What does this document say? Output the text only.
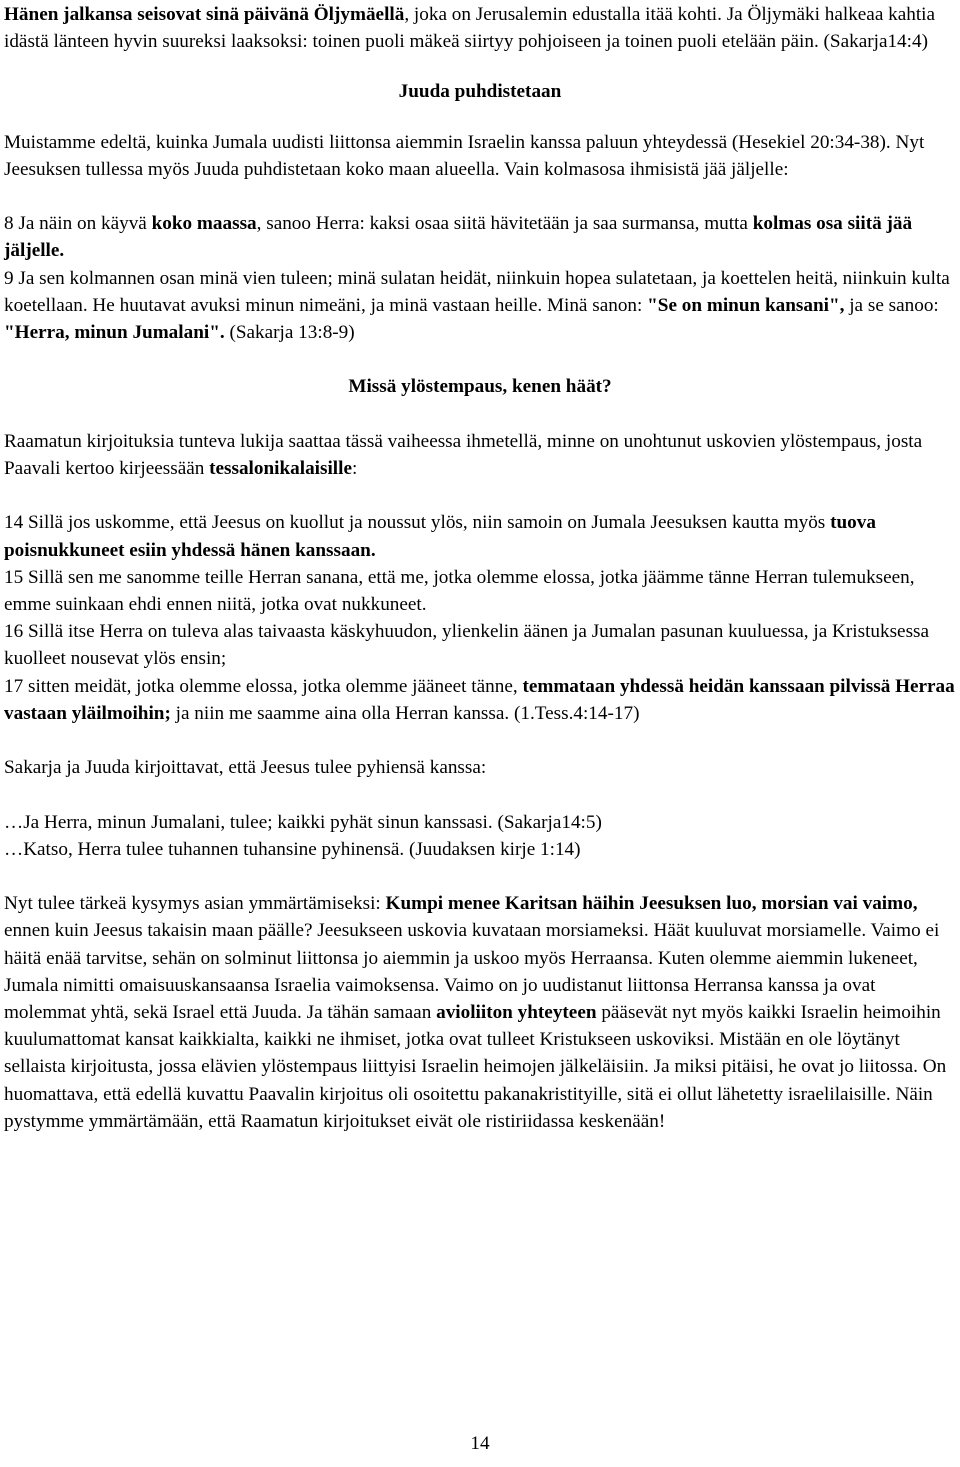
Hänen jalkansa seisovat sinä päivänä Öljymäellä, joka on Jerusalemin edustalla itää kohti. Ja Öljymäki halkeaa kahtia idästä länteen hyvin suureksi laaksoksi: toinen puoli mäkeä siirtyy pohjoiseen ja toinen puoli etelään päin. (Sakarja14:4)

Juuda puhdistetaan

Muistamme edeltä, kuinka Jumala uudisti liittonsa aiemmin Israelin kanssa paluun yhteydessä (Hesekiel 20:34-38). Nyt Jeesuksen tullessa myös Juuda puhdistetaan koko maan alueella. Vain kolmasosa ihmisistä jää jäljelle:

8 Ja näin on käyvä koko maassa, sanoo Herra: kaksi osaa siitä hävitetään ja saa surmansa, mutta kolmas osa siitä jää jäljelle.

9 Ja sen kolmannen osan minä vien tuleen; minä sulatan heidät, niinkuin hopea sulatetaan, ja koettelen heitä, niinkuin kulta koetellaan. He huutavat avuksi minun nimeäni, ja minä vastaan heille. Minä sanon: "Se on minun kansani", ja se sanoo: "Herra, minun Jumalani". (Sakarja 13:8-9)

Missä ylöstempaus, kenen häät?

Raamatun kirjoituksia tunteva lukija saattaa tässä vaiheessa ihmetellä, minne on unohtunut uskovien ylöstempaus, josta Paavali kertoo kirjeessään tessalonikalaisille:

14 Sillä jos uskomme, että Jeesus on kuollut ja noussut ylös, niin samoin on Jumala Jeesuksen kautta myös tuova poisnukkuneet esiin yhdessä hänen kanssaan.

15 Sillä sen me sanomme teille Herran sanana, että me, jotka olemme elossa, jotka jäämme tänne Herran tulemukseen, emme suinkaan ehdi ennen niitä, jotka ovat nukkuneet.

16 Sillä itse Herra on tuleva alas taivaasta käskyhuudon, ylienkelin äänen ja Jumalan pasunan kuuluessa, ja Kristuksessa kuolleet nousevat ylös ensin;

17 sitten meidät, jotka olemme elossa, jotka olemme jääneet tänne, temmataan yhdessä heidän kanssaan pilvissä Herraa vastaan yläilmoihin; ja niin me saamme aina olla Herran kanssa. (1.Tess.4:14-17)

Sakarja ja Juuda kirjoittavat, että Jeesus tulee pyhiensä kanssa:

…Ja Herra, minun Jumalani, tulee; kaikki pyhät sinun kanssasi. (Sakarja14:5)

…Katso, Herra tulee tuhannen tuhansine pyhinensä. (Juudaksen kirje 1:14)

Nyt tulee tärkeä kysymys asian ymmärtämiseksi: Kumpi menee Karitsan häihin Jeesuksen luo, morsian vai vaimo, ennen kuin Jeesus takaisin maan päälle? Jeesukseen uskovia kuvataan morsiameksi. Häät kuuluvat morsiamelle. Vaimo ei häitä enää tarvitse, sehän on solminut liittonsa jo aiemmin ja uskoo myös Herraansa. Kuten olemme aiemmin lukeneet, Jumala nimitti omaisuuskansaansa Israelia vaimoksensa. Vaimo on jo uudistanut liittonsa Herransa kanssa ja ovat molemmat yhtä, sekä Israel että Juuda. Ja tähän samaan avioliiton yhteyteen pääsevät nyt myös kaikki Israelin heimoihin kuulumattomat kansat kaikkialta, kaikki ne ihmiset, jotka ovat tulleet Kristukseen uskoviksi. Mistään en ole löytänyt sellaista kirjoitusta, jossa elävien ylöstempaus liittyisi Israelin heimojen jälkeläisiin. Ja miksi pitäisi, he ovat jo liitossa. On huomattava, että edellä kuvattu Paavalin kirjoitus oli osoitettu pakanakristityille, sitä ei ollut lähetetty israelilaisille. Näin pystymme ymmärtämään, että Raamatun kirjoitukset eivät ole ristiriidassa keskenään!

14
